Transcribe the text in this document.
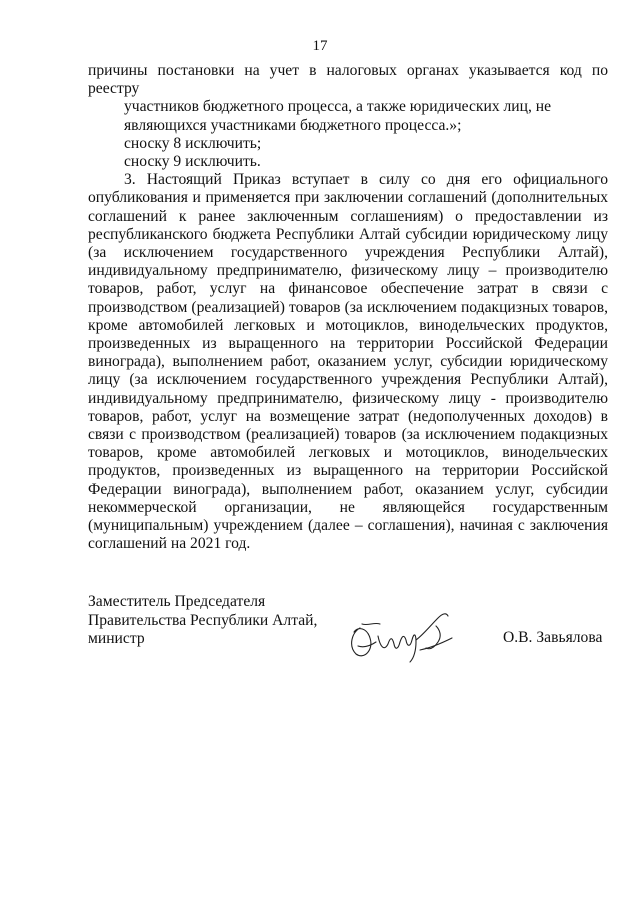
17

причины постановки на учет в налоговых органах указывается код по реестру

участников бюджетного процесса, а также юридических лиц, не являющихся участниками бюджетного процесса.»;

сноску 8 исключить;

сноску 9 исключить.

3. Настоящий Приказ вступает в силу со дня его официального опубликования и применяется при заключении соглашений (дополнительных соглашений к ранее заключенным соглашениям) о предоставлении из республиканского бюджета Республики Алтай субсидии юридическому лицу (за исключением государственного учреждения Республики Алтай), индивидуальному предпринимателю, физическому лицу – производителю товаров, работ, услуг на финансовое обеспечение затрат в связи с производством (реализацией) товаров (за исключением подакцизных товаров, кроме автомобилей легковых и мотоциклов, винодельческих продуктов, произведенных из выращенного на территории Российской Федерации винограда), выполнением работ, оказанием услуг, субсидии юридическому лицу (за исключением государственного учреждения Республики Алтай), индивидуальному предпринимателю, физическому лицу - производителю товаров, работ, услуг на возмещение затрат (недополученных доходов) в связи с производством (реализацией) товаров (за исключением подакцизных товаров, кроме автомобилей легковых и мотоциклов, винодельческих продуктов, произведенных из выращенного на территории Российской Федерации винограда), выполнением работ, оказанием услуг, субсидии некоммерческой организации, не являющейся государственным (муниципальным) учреждением (далее – соглашения), начиная с заключения соглашений на 2021 год.

Заместитель Председателя
Правительства Республики Алтай,
министр	О.В. Завьялова
